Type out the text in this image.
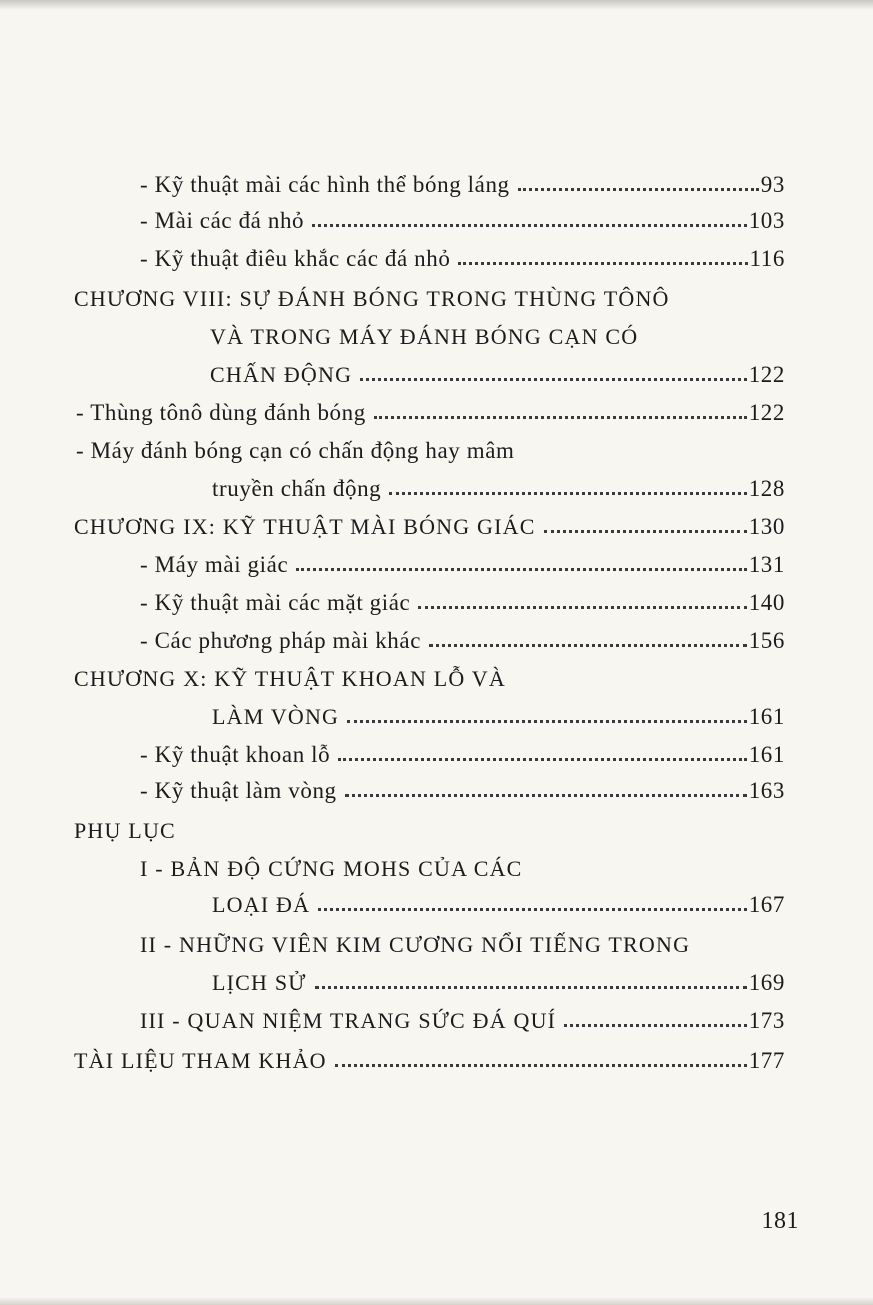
- Kỹ thuật mài các hình thể bóng láng	93
- Mài các đá nhỏ	103
- Kỹ thuật điêu khắc các đá nhỏ	116
CHƯƠNG VIII: SỰ ĐÁNH BÓNG TRONG THÙNG TÔNÔ
VÀ TRONG MÁY ĐÁNH BÓNG CẠN CÓ
CHẤN ĐỘNG	122
- Thùng tônô dùng đánh bóng	122
- Máy đánh bóng cạn có chấn động hay mâm
truyền chấn động	128
CHƯƠNG IX: KỸ THUẬT MÀI BÓNG GIÁC	130
- Máy mài giác	131
- Kỹ thuật mài các mặt giác	140
- Các phương pháp mài khác	156
CHƯƠNG X: KỸ THUẬT KHOAN LỖ VÀ
LÀM VÒNG	161
- Kỹ thuật khoan lỗ	161
- Kỹ thuật làm vòng	163
PHỤ LỤC
I - BẢN ĐỘ CỨNG MOHS CỦA CÁC
LOẠI ĐÁ	167
II - NHỮNG VIÊN KIM CƯƠNG NỔI TIẾNG TRONG
LỊCH SỬ	169
III - QUAN NIỆM TRANG SỨC ĐÁ QUÍ	173
TÀI LIỆU THAM KHẢO	177
181
